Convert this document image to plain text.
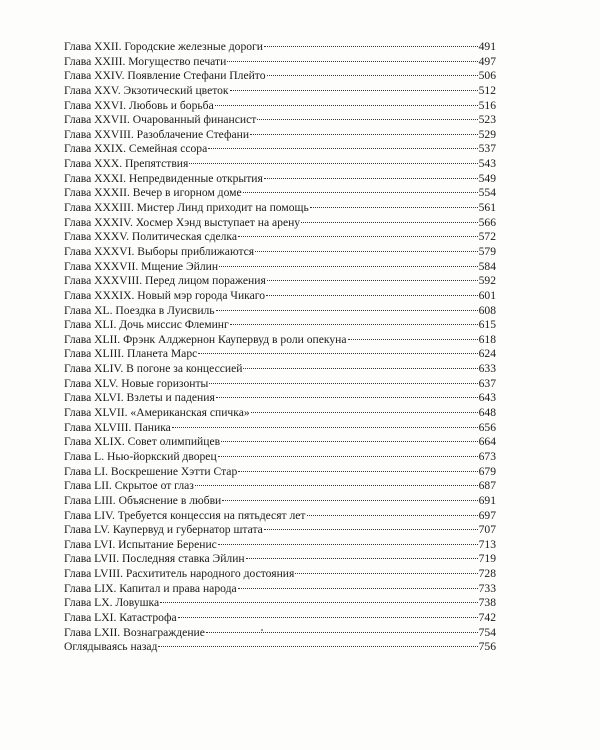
Глава XXII. Городские железные дороги	491
Глава XXIII. Могущество печати	497
Глава XXIV. Появление Стефани Плейто	506
Глава XXV. Экзотический цветок	512
Глава XXVI. Любовь и борьба	516
Глава XXVII. Очарованный финансист	523
Глава XXVIII. Разоблачение Стефани	529
Глава XXIX. Семейная ссора	537
Глава XXX. Препятствия	543
Глава XXXI. Непредвиденные открытия	549
Глава XXXII. Вечер в игорном доме	554
Глава XXXIII. Мистер Линд приходит на помощь	561
Глава XXXIV. Хосмер Хэнд выступает на арену	566
Глава XXXV. Политическая сделка	572
Глава XXXVI. Выборы приближаются	579
Глава XXXVII. Мщение Эйлин	584
Глава XXXVIII. Перед лицом поражения	592
Глава XXXIX. Новый мэр города Чикаго	601
Глава XL. Поездка в Луисвиль	608
Глава XLI. Дочь миссис Флеминг	615
Глава XLII. Фрэнк Алджернон Каупервуд в роли опекуна	618
Глава XLIII. Планета Марс	624
Глава XLIV. В погоне за концессией	633
Глава XLV. Новые горизонты	637
Глава XLVI. Взлеты и падения	643
Глава XLVII. «Американская спичка»	648
Глава XLVIII. Паника	656
Глава XLIX. Совет олимпийцев	664
Глава L. Нью-йоркский дворец	673
Глава LI. Воскрешение Хэтти Стар	679
Глава LII. Скрытое от глаз	687
Глава LIII. Объяснение в любви	691
Глава LIV. Требуется концессия на пятьдесят лет	697
Глава LV. Каупервуд и губернатор штата	707
Глава LVI. Испытание Беренис	713
Глава LVII. Последняя ставка Эйлин	719
Глава LVIII. Расхититель народного достояния	728
Глава LIX. Капитал и права народа	733
Глава LX. Ловушка	738
Глава LXI. Катастрофа	742
Глава LXII. Вознаграждение	754
Оглядываясь назад	756
